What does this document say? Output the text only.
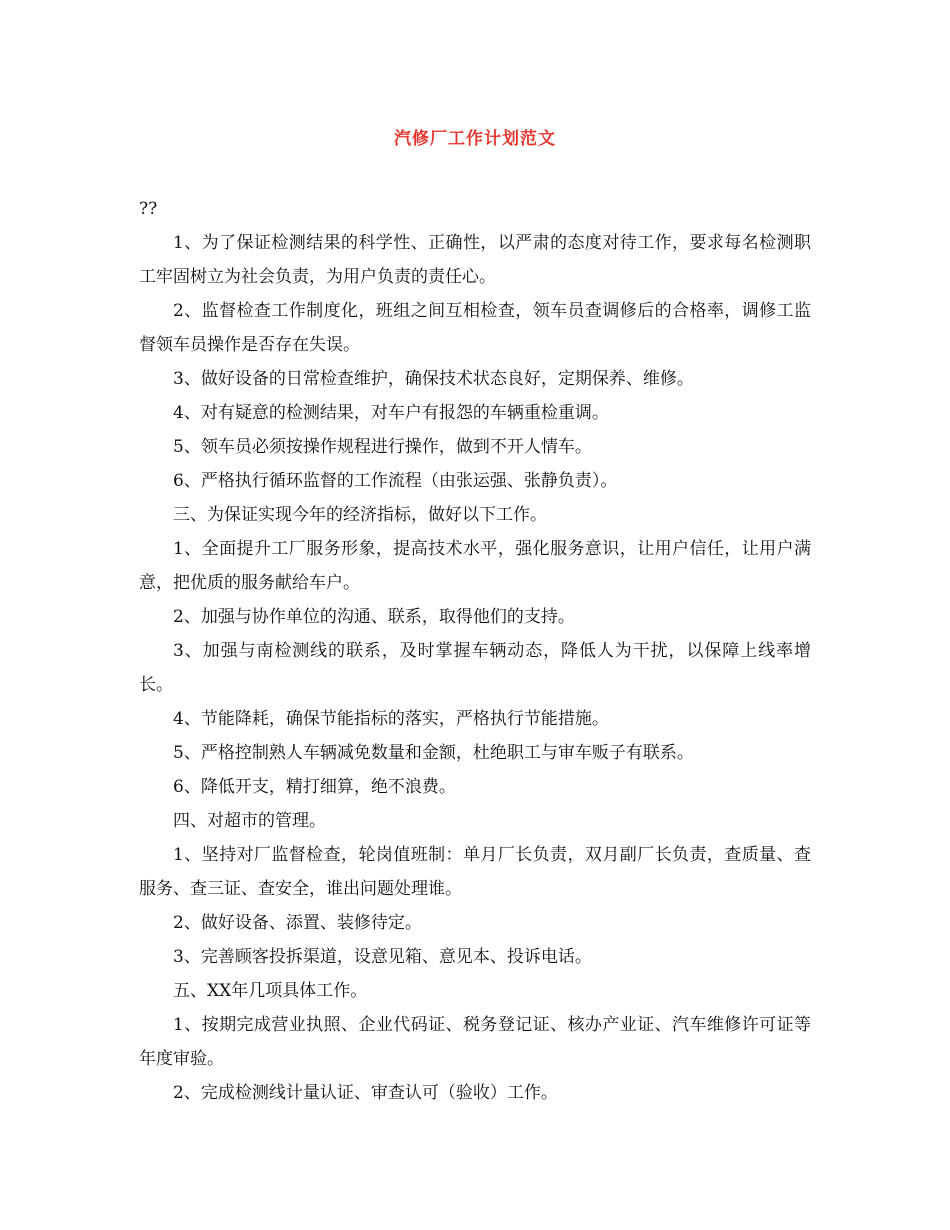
汽修厂工作计划范文

??

1、为了保证检测结果的科学性、正确性，以严肃的态度对待工作，要求每名检测职工牢固树立为社会负责，为用户负责的责任心。

2、监督检查工作制度化，班组之间互相检查，领车员查调修后的合格率，调修工监督领车员操作是否存在失误。

3、做好设备的日常检查维护，确保技术状态良好，定期保养、维修。

4、对有疑意的检测结果，对车户有报怨的车辆重检重调。

5、领车员必须按操作规程进行操作，做到不开人情车。

6、严格执行循环监督的工作流程（由张运强、张静负责）。

三、为保证实现今年的经济指标，做好以下工作。

1、全面提升工厂服务形象，提高技术水平，强化服务意识，让用户信任，让用户满意，把优质的服务献给车户。

2、加强与协作单位的沟通、联系，取得他们的支持。

3、加强与南检测线的联系，及时掌握车辆动态，降低人为干扰，以保障上线率增长。

4、节能降耗，确保节能指标的落实，严格执行节能措施。

5、严格控制熟人车辆减免数量和金额，杜绝职工与审车贩子有联系。

6、降低开支，精打细算，绝不浪费。

四、对超市的管理。

1、坚持对厂监督检查，轮岗值班制：单月厂长负责，双月副厂长负责，查质量、查服务、查三证、查安全，谁出问题处理谁。

2、做好设备、添置、装修待定。

3、完善顾客投拆渠道，设意见箱、意见本、投诉电话。

五、XX年几项具体工作。

1、按期完成营业执照、企业代码证、税务登记证、核办产业证、汽车维修许可证等年度审验。

2、完成检测线计量认证、审查认可（验收）工作。
